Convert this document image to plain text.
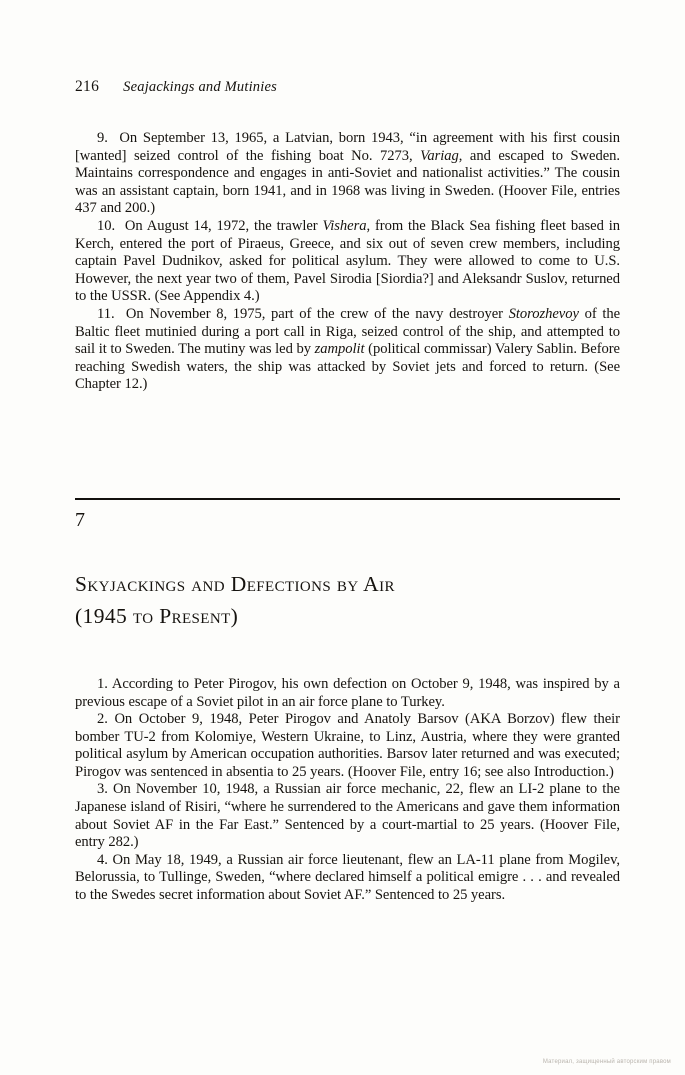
216 Seajackings and Mutinies

9.  On September 13, 1965, a Latvian, born 1943, “in agreement with his first cousin [wanted] seized control of the fishing boat No. 7273, Variag, and escaped to Sweden. Maintains correspondence and engages in anti-Soviet and nationalist activities.” The cousin was an assistant captain, born 1941, and in 1968 was living in Sweden. (Hoover File, entries 437 and 200.)

10.  On August 14, 1972, the trawler Vishera, from the Black Sea fishing fleet based in Kerch, entered the port of Piraeus, Greece, and six out of seven crew members, including captain Pavel Dudnikov, asked for political asylum. They were allowed to come to U.S. However, the next year two of them, Pavel Sirodia [Siordia?] and Aleksandr Suslov, returned to the USSR. (See Appendix 4.)

11.  On November 8, 1975, part of the crew of the navy destroyer Storozhevoy of the Baltic fleet mutinied during a port call in Riga, seized control of the ship, and attempted to sail it to Sweden. The mutiny was led by zampolit (political commissar) Valery Sablin. Before reaching Swedish waters, the ship was attacked by Soviet jets and forced to return. (See Chapter 12.)

7
Skyjackings and Defections by Air
(1945 to Present)

1. According to Peter Pirogov, his own defection on October 9, 1948, was inspired by a previous escape of a Soviet pilot in an air force plane to Turkey.

2. On October 9, 1948, Peter Pirogov and Anatoly Barsov (AKA Borzov) flew their bomber TU-2 from Kolomiye, Western Ukraine, to Linz, Austria, where they were granted political asylum by American occupation authorities. Barsov later returned and was executed; Pirogov was sentenced in absentia to 25 years. (Hoover File, entry 16; see also Introduction.)

3. On November 10, 1948, a Russian air force mechanic, 22, flew an LI-2 plane to the Japanese island of Risiri, “where he surrendered to the Americans and gave them information about Soviet AF in the Far East.” Sentenced by a court-martial to 25 years. (Hoover File, entry 282.)

4. On May 18, 1949, a Russian air force lieutenant, flew an LA-11 plane from Mogilev, Belorussia, to Tullinge, Sweden, “where declared himself a political emigre . . . and revealed to the Swedes secret information about Soviet AF.” Sentenced to 25 years.

Материал, защищенный авторским правом
